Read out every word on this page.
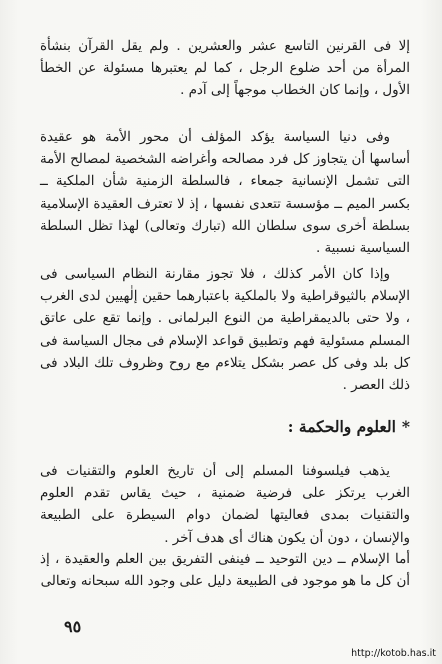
إلا فى القرنين التاسع عشر والعشرين . ولم يقل القرآن بنشأة المرأة من أحد ضلوع الرجل ، كما لم يعتبرها مسئولة عن الخطأ الأول ، وإنما كان الخطاب موجهاً إلى آدم .
وفى دنيا السياسة يؤكد المؤلف أن محور الأمة هو عقيدة أساسها أن يتجاوز كل فرد مصالحه وأغراضه الشخصية لمصالح الأمة التى تشمل الإنسانية جمعاء ، فالسلطة الزمنية شأن الملكية ــ بكسر الميم ــ مؤسسة تتعدى نفسها ، إذ لا تعترف العقيدة الإسلامية بسلطة أخرى سوى سلطان الله (تبارك وتعالى) لهذا تظل السلطة السياسية نسبية .
وإذا كان الأمر كذلك ، فلا تجوز مقارنة النظام السياسى فى الإسلام بالثيوقراطية ولا بالملكية باعتبارهما حقين إلٰهيين لدى الغرب ، ولا حتى بالديمقراطية من النوع البرلمانى . وإنما تقع على عاتق المسلم مسئولية فهم وتطبيق قواعد الإسلام فى مجال السياسة فى كل بلد وفى كل عصر بشكل يتلاءم مع روح وظروف تلك البلاد فى ذلك العصر .
*العلوم والحكمة :
يذهب فيلسوفنا المسلم إلى أن تاريخ العلوم والتقنيات فى الغرب يرتكز على فرضية ضمنية ، حيث يقاس تقدم العلوم والتقنيات بمدى فعاليتها لضمان دوام السيطرة على الطبيعة والإنسان ، دون أن يكون هناك أى هدف آخر .
أما الإسلام ــ دين التوحيد ــ فينفى التفريق بين العلم والعقيدة ، إذ أن كل ما هو موجود فى الطبيعة دليل على وجود الله سبحانه وتعالى
٩٥
http://kotob.has.it
